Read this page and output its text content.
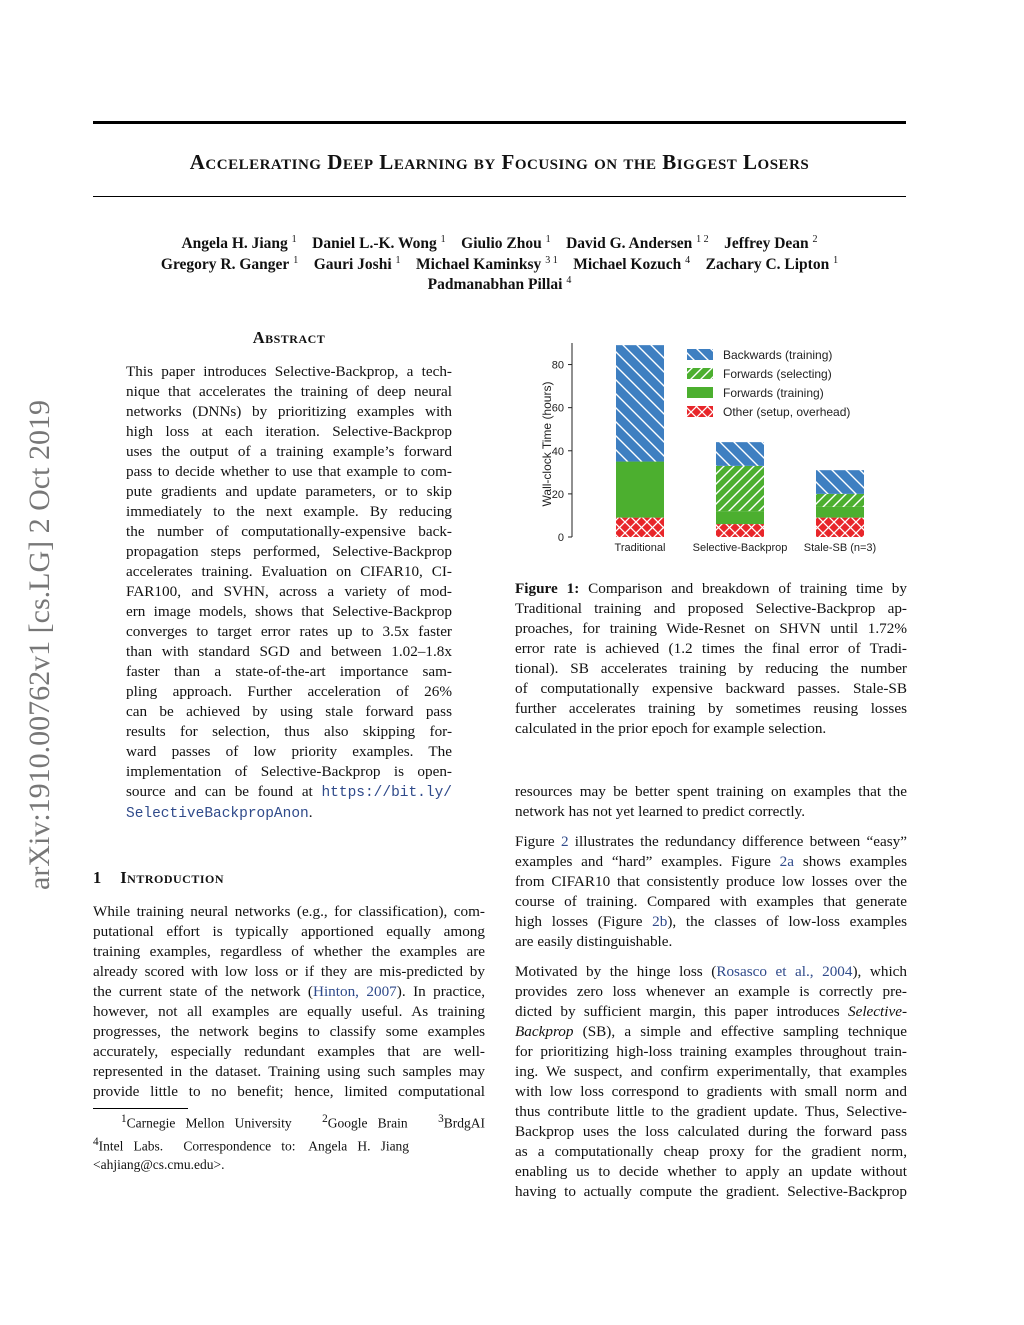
arXiv:1910.00762v1 [cs.LG] 2 Oct 2019
Accelerating Deep Learning by Focusing on the Biggest Losers
Angela H. Jiang $^1$ Daniel L.-K. Wong $^1$ Giulio Zhou $^1$ David G. Andersen $^{1 2}$ Jeffrey Dean $^2$
Gregory R. Ganger $^1$ Gauri Joshi $^1$ Michael Kaminksy $^{3 1}$ Michael Kozuch $^4$ Zachary C. Lipton $^1$
Padmanabhan Pillai $^4$
Abstract
This paper introduces Selective-Backprop, a tech-
nique that accelerates the training of deep neural
networks (DNNs) by prioritizing examples with
high loss at each iteration. Selective-Backprop
uses the output of a training example’s forward
pass to decide whether to use that example to com-
pute gradients and update parameters, or to skip
immediately to the next example. By reducing
the number of computationally-expensive back-
propagation steps performed, Selective-Backprop
accelerates training. Evaluation on CIFAR10, CI-
FAR100, and SVHN, across a variety of mod-
ern image models, shows that Selective-Backprop
converges to target error rates up to 3.5x faster
than with standard SGD and between 1.02–1.8x
faster than a state-of-the-art importance sam-
pling approach. Further acceleration of 26%
can be achieved by using stale forward pass
results for selection, thus also skipping for-
ward passes of low priority examples. The
implementation of Selective-Backprop is open-
source and can be found at https://bit.ly/
SelectiveBackpropAnon.
1 Introduction
While training neural networks (e.g., for classification), com-
putational effort is typically apportioned equally among
training examples, regardless of whether the examples are
already scored with low loss or if they are mis-predicted by
the current state of the network (Hinton, 2007). In practice,
however, not all examples are equally useful. As training
progresses, the network begins to classify some examples
accurately, especially redundant examples that are well-
represented in the dataset. Training using such samples may
provide little to no benefit; hence, limited computational
$^1$Carnegie   Mellon   University	$^2$Google   Brain	$^3$BrdgAI
$^4$Intel   Labs.      Correspondence   to:    Angela   H.   Jiang
<ahjiang@cs.cmu.edu>.
0
20
40
60
80
Wall-clock Time (hours)
Traditional Selective-Backprop Stale-SB (n=3)
Backwards (training)
Forwards (selecting)
Forwards (training)
Other (setup, overhead)
Figure 1: Comparison and breakdown of training time by
Traditional training and proposed Selective-Backprop ap-
proaches, for training Wide-Resnet on SHVN until 1.72%
error rate is achieved (1.2 times the final error of Tradi-
tional). SB accelerates training by reducing the number
of computationally expensive backward passes. Stale-SB
further accelerates training by sometimes reusing losses
calculated in the prior epoch for example selection.
resources may be better spent training on examples that the
network has not yet learned to predict correctly.
Figure 2 illustrates the redundancy difference between “easy”
examples and “hard” examples. Figure 2a shows examples
from CIFAR10 that consistently produce low losses over the
course of training. Compared with examples that generate
high losses (Figure 2b), the classes of low-loss examples
are easily distinguishable.
Motivated by the hinge loss (Rosasco et al., 2004), which
provides zero loss whenever an example is correctly pre-
dicted by sufficient margin, this paper introduces Selective-
Backprop (SB), a simple and effective sampling technique
for prioritizing high-loss training examples throughout train-
ing. We suspect, and confirm experimentally, that examples
with low loss correspond to gradients with small norm and
thus contribute little to the gradient update. Thus, Selective-
Backprop uses the loss calculated during the forward pass
as a computationally cheap proxy for the gradient norm,
enabling us to decide whether to apply an update without
having to actually compute the gradient. Selective-Backprop
